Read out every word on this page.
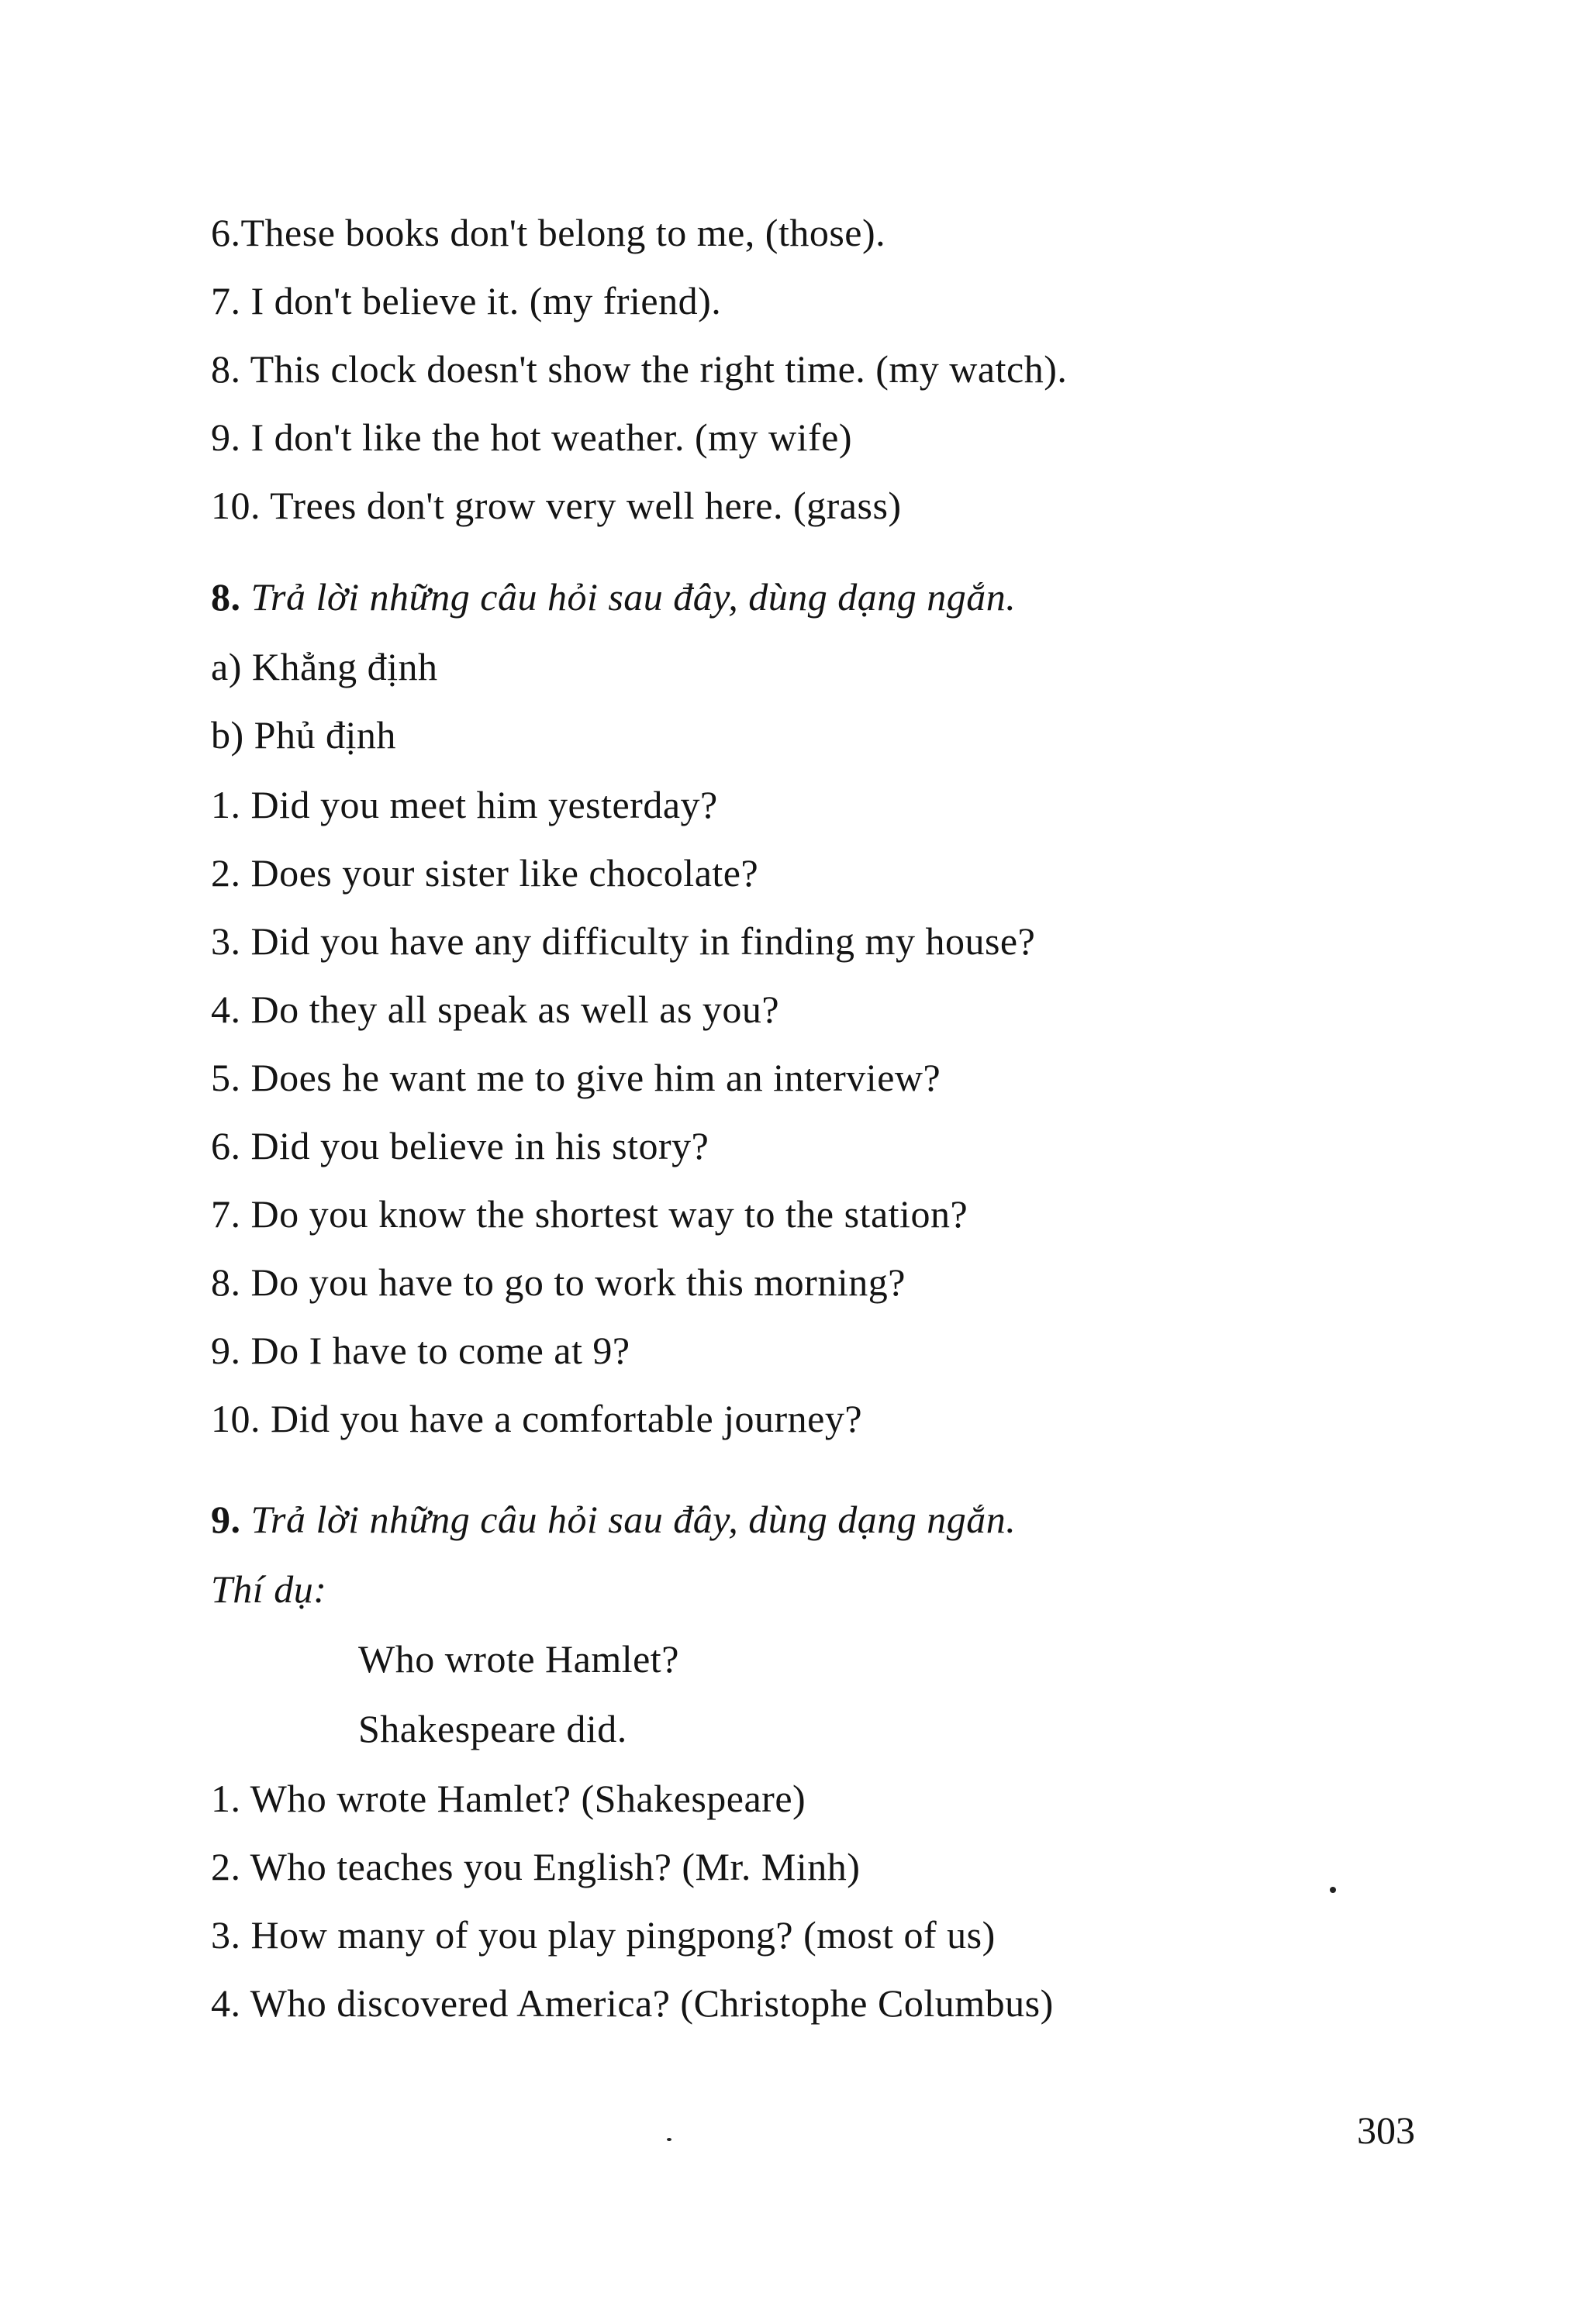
6.These books don't belong to me, (those).
7. I don't believe it. (my friend).
8. This clock doesn't show the right time. (my watch).
9. I don't like the hot weather. (my wife)
10. Trees don't grow very well here. (grass)
8. Trả lời những câu hỏi sau đây, dùng dạng ngắn.
a) Khẳng định
b) Phủ định
1. Did you meet him yesterday?
2. Does your sister like chocolate?
3. Did you have any difficulty in finding my house?
4. Do they all speak as well as you?
5. Does he want me to give him an interview?
6. Did you believe in his story?
7. Do you know the shortest way to the station?
8. Do you have to go to work this morning?
9. Do I have to come at 9?
10. Did you have a comfortable journey?
9. Trả lời những câu hỏi sau đây, dùng dạng ngắn.
Thí dụ:
Who wrote Hamlet?
Shakespeare did.
1. Who wrote Hamlet? (Shakespeare)
2. Who teaches you English? (Mr. Minh)
3. How many of you play pingpong? (most of us)
4. Who discovered America? (Christophe Columbus)
303
